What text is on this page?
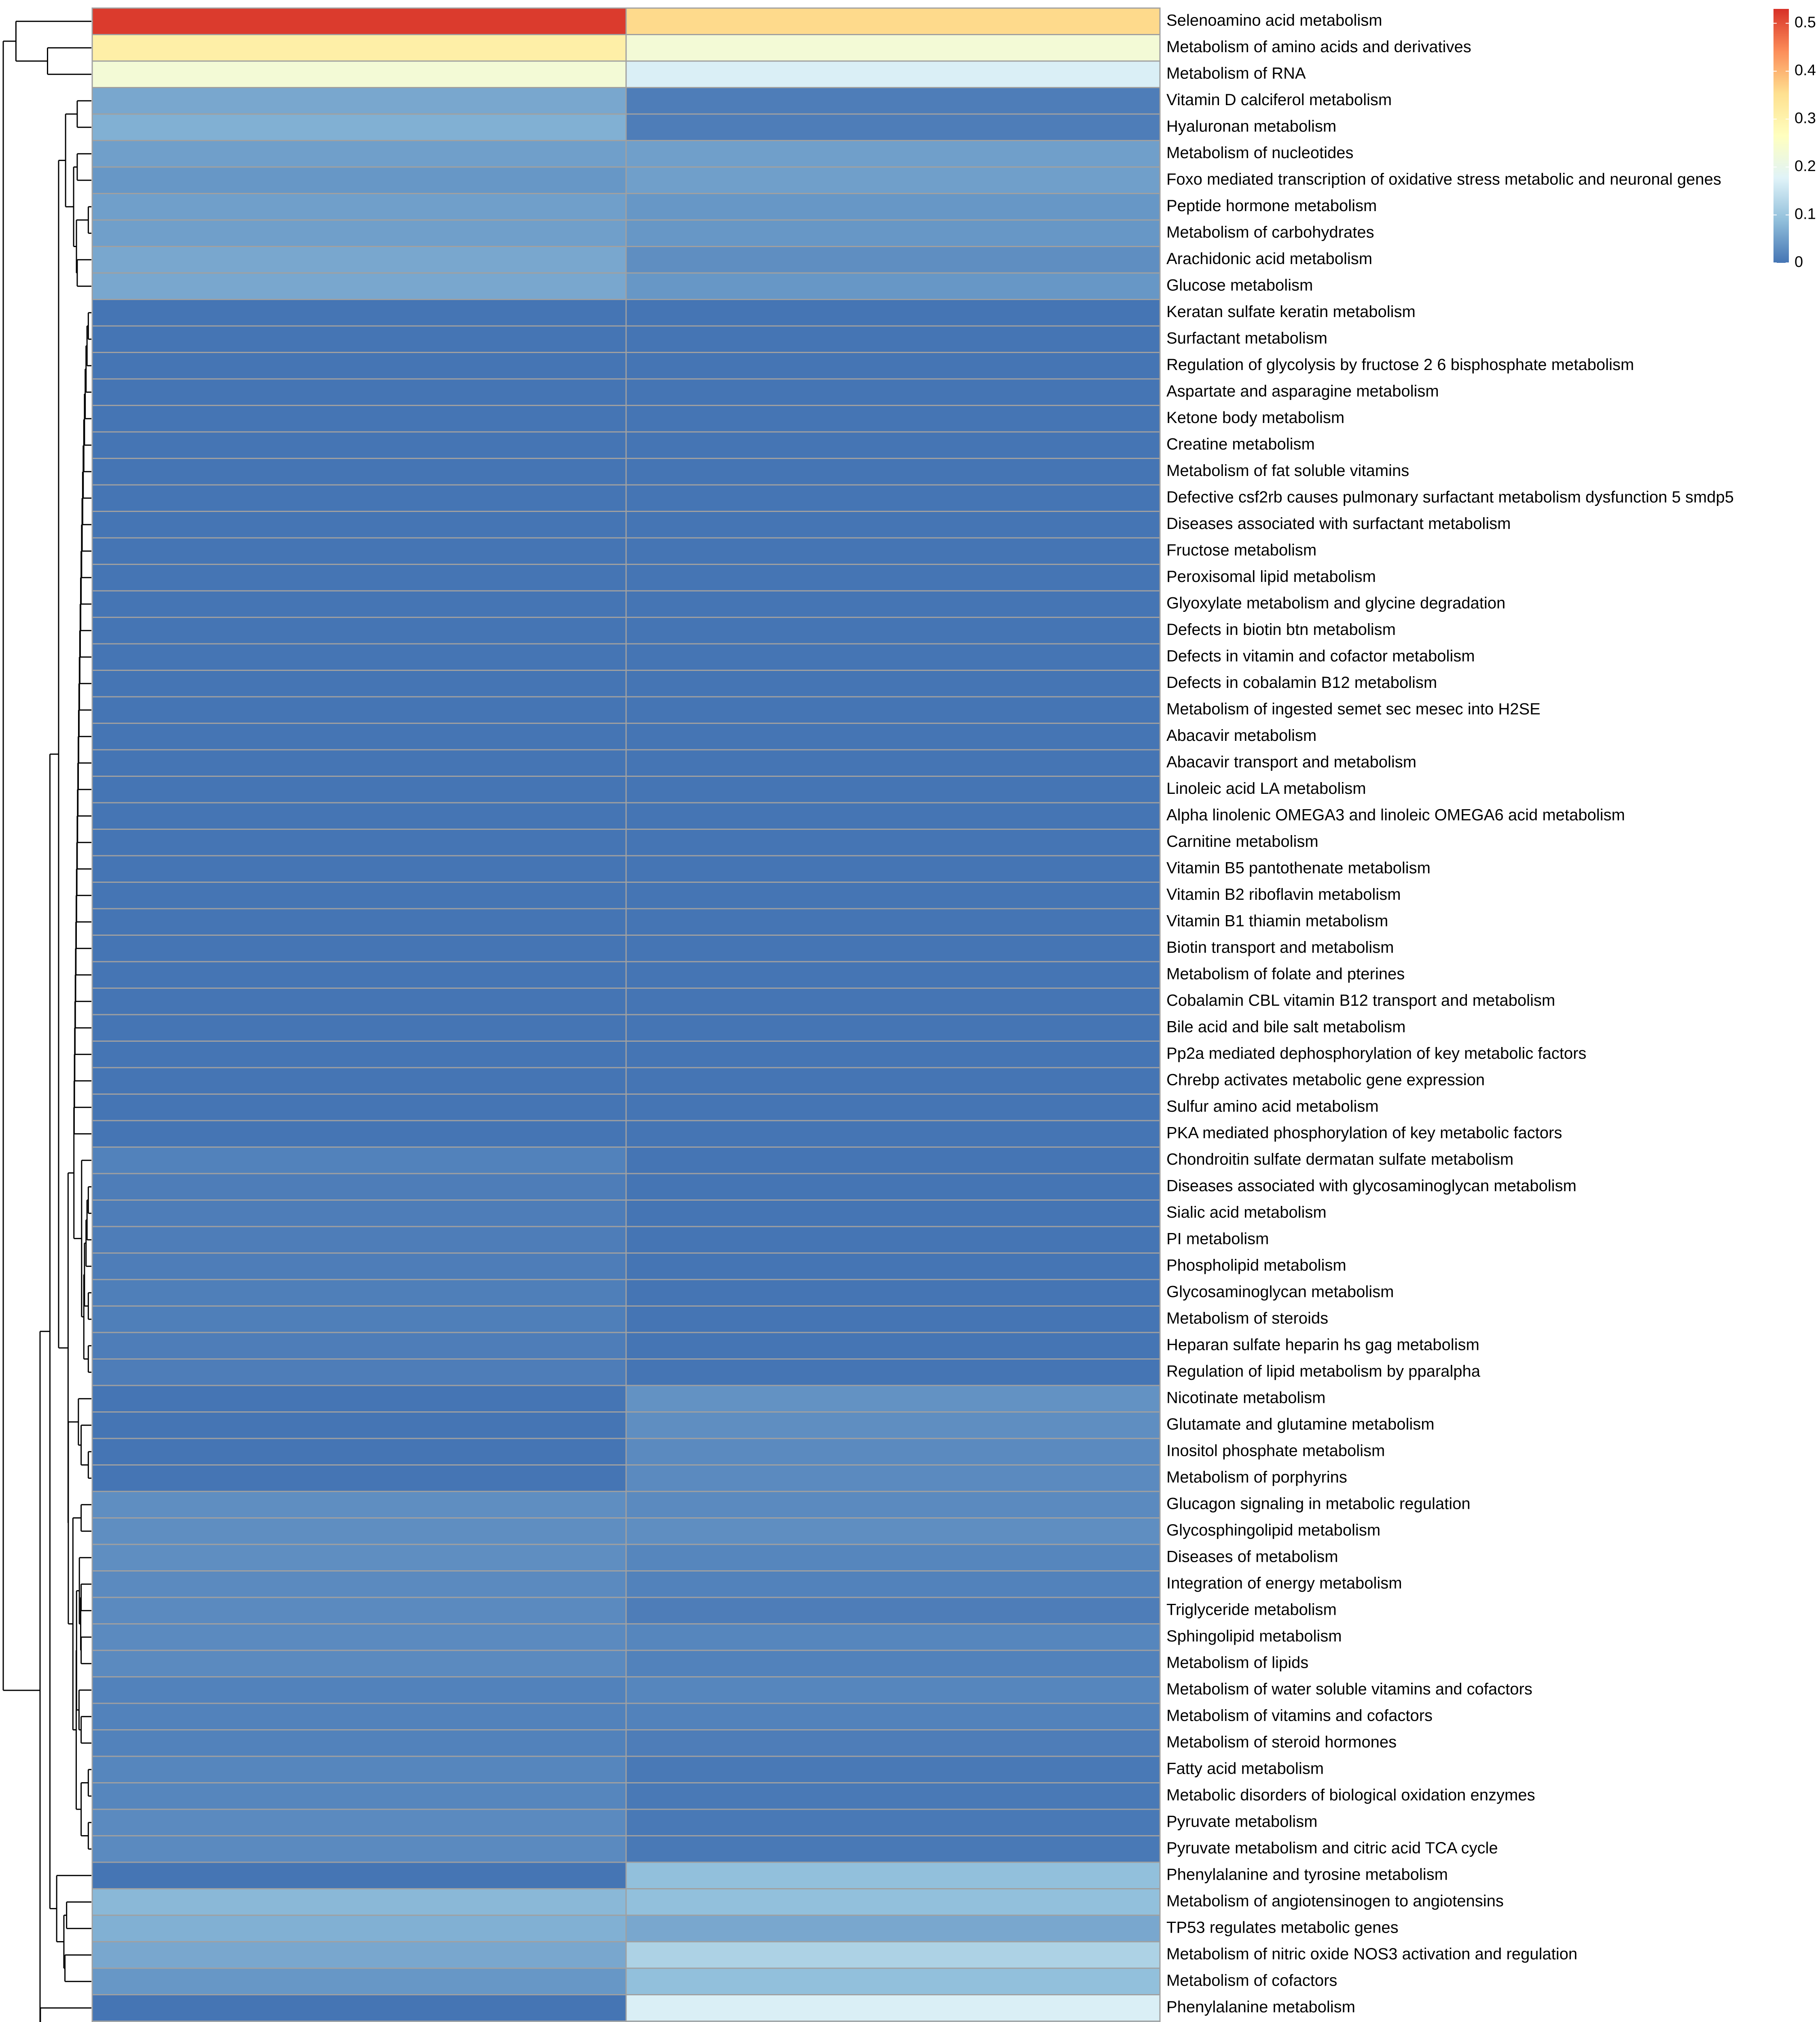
Selenoamino acid metabolism
Metabolism of amino acids and derivatives
Metabolism of RNA
Vitamin D calciferol metabolism
Hyaluronan metabolism
Metabolism of nucleotides
Foxo mediated transcription of oxidative stress metabolic and neuronal genes
Peptide hormone metabolism
Metabolism of carbohydrates
Arachidonic acid metabolism
Glucose metabolism
Keratan sulfate keratin metabolism
Surfactant metabolism
Regulation of glycolysis by fructose 2 6 bisphosphate metabolism
Aspartate and asparagine metabolism
Ketone body metabolism
Creatine metabolism
Metabolism of fat soluble vitamins
Defective csf2rb causes pulmonary surfactant metabolism dysfunction 5 smdp5
Diseases associated with surfactant metabolism
Fructose metabolism
Peroxisomal lipid metabolism
Glyoxylate metabolism and glycine degradation
Defects in biotin btn metabolism
Defects in vitamin and cofactor metabolism
Defects in cobalamin B12 metabolism
Metabolism of ingested semet sec mesec into H2SE
Abacavir metabolism
Abacavir transport and metabolism
Linoleic acid LA metabolism
Alpha linolenic OMEGA3 and linoleic OMEGA6 acid metabolism
Carnitine metabolism
Vitamin B5 pantothenate metabolism
Vitamin B2 riboflavin metabolism
Vitamin B1 thiamin metabolism
Biotin transport and metabolism
Metabolism of folate and pterines
Cobalamin CBL vitamin B12 transport and metabolism
Bile acid and bile salt metabolism
Pp2a mediated dephosphorylation of key metabolic factors
Chrebp activates metabolic gene expression
Sulfur amino acid metabolism
PKA mediated phosphorylation of key metabolic factors
Chondroitin sulfate dermatan sulfate metabolism
Diseases associated with glycosaminoglycan metabolism
Sialic acid metabolism
PI metabolism
Phospholipid metabolism
Glycosaminoglycan metabolism
Metabolism of steroids
Heparan sulfate heparin hs gag metabolism
Regulation of lipid metabolism by pparalpha
Nicotinate metabolism
Glutamate and glutamine metabolism
Inositol phosphate metabolism
Metabolism of porphyrins
Glucagon signaling in metabolic regulation
Glycosphingolipid metabolism
Diseases of metabolism
Integration of energy metabolism
Triglyceride metabolism
Sphingolipid metabolism
Metabolism of lipids
Metabolism of water soluble vitamins and cofactors
Metabolism of vitamins and cofactors
Metabolism of steroid hormones
Fatty acid metabolism
Metabolic disorders of biological oxidation enzymes
Pyruvate metabolism
Pyruvate metabolism and citric acid TCA cycle
Phenylalanine and tyrosine metabolism
Metabolism of angiotensinogen to angiotensins
TP53 regulates metabolic genes
Metabolism of nitric oxide NOS3 activation and regulation
Metabolism of cofactors
Phenylalanine metabolism
0
0.1
0.2
0.3
0.4
0.5
